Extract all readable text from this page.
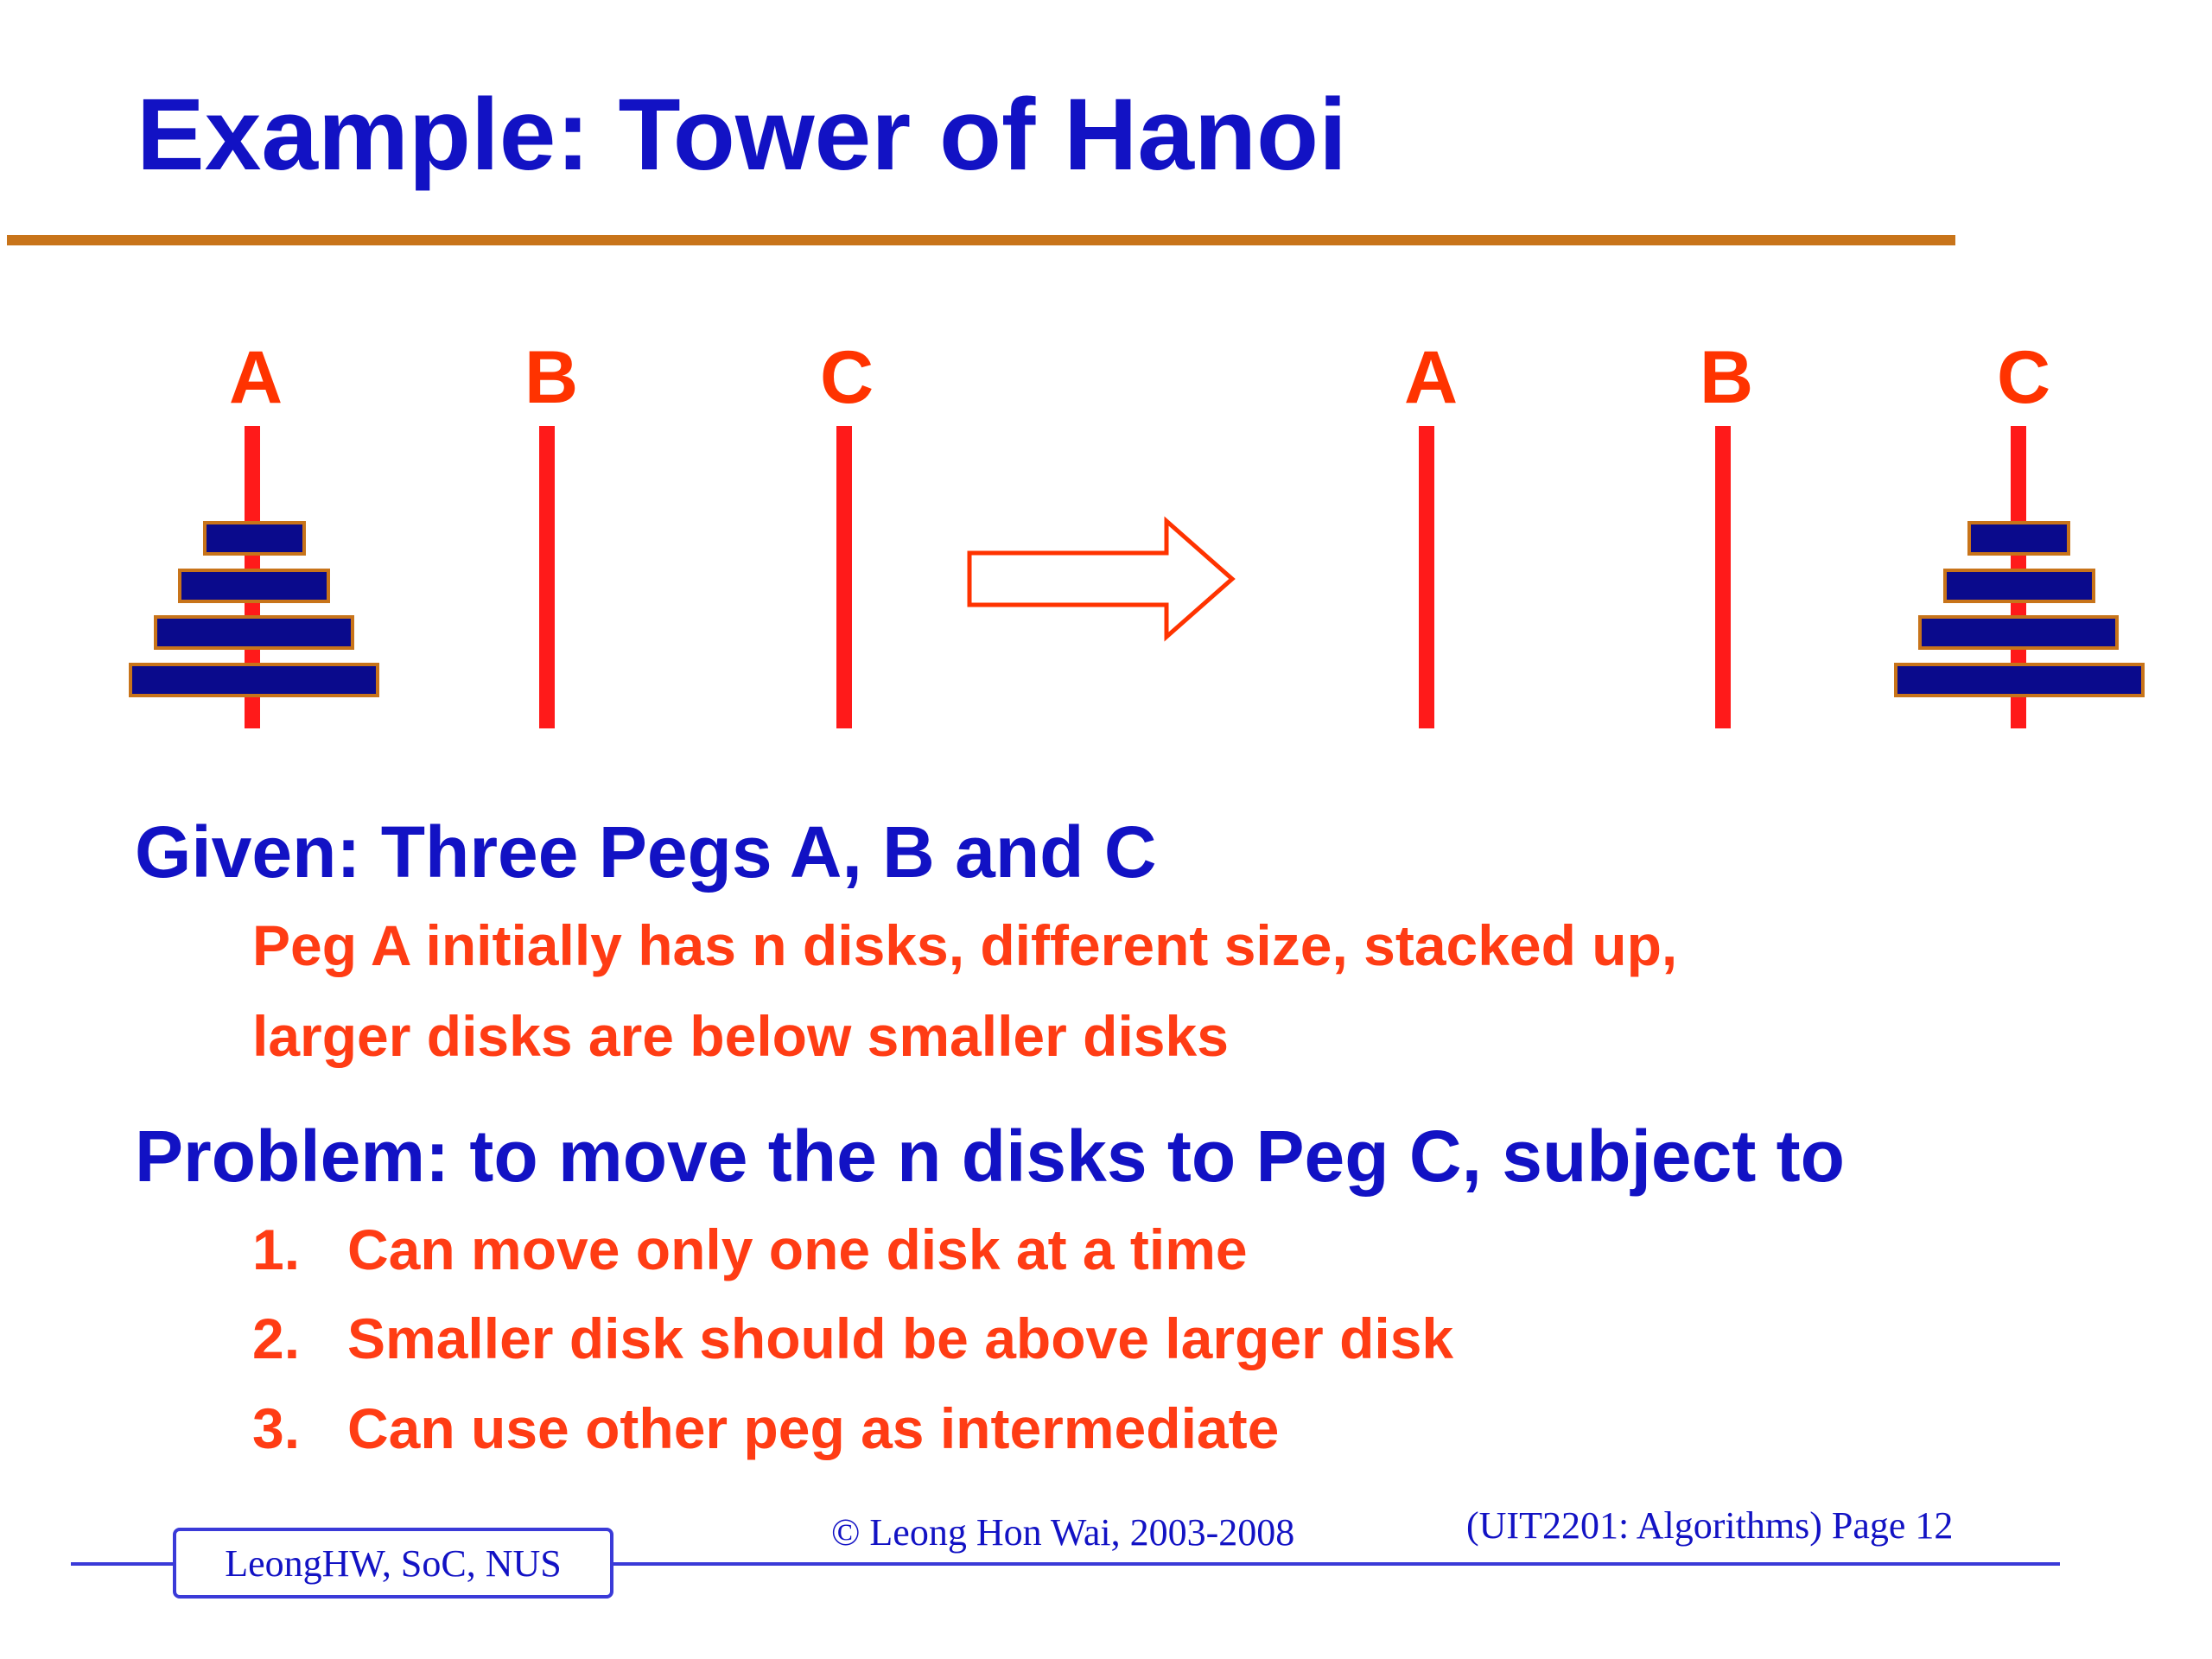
Example: Tower of Hanoi
A	B	C	A	B	C
Given: Three Pegs A, B and C

Peg A initially has n disks, different size, stacked up,

larger disks are below smaller disks

Problem: to move the n disks to Peg C, subject to

1. Can move only one disk at a time

2. Smaller disk should be above larger disk

3. Can use other peg as intermediate

LeongHW, SoC, NUS

© Leong Hon Wai, 2003-2008	(UIT2201: Algorithms) Page 12
